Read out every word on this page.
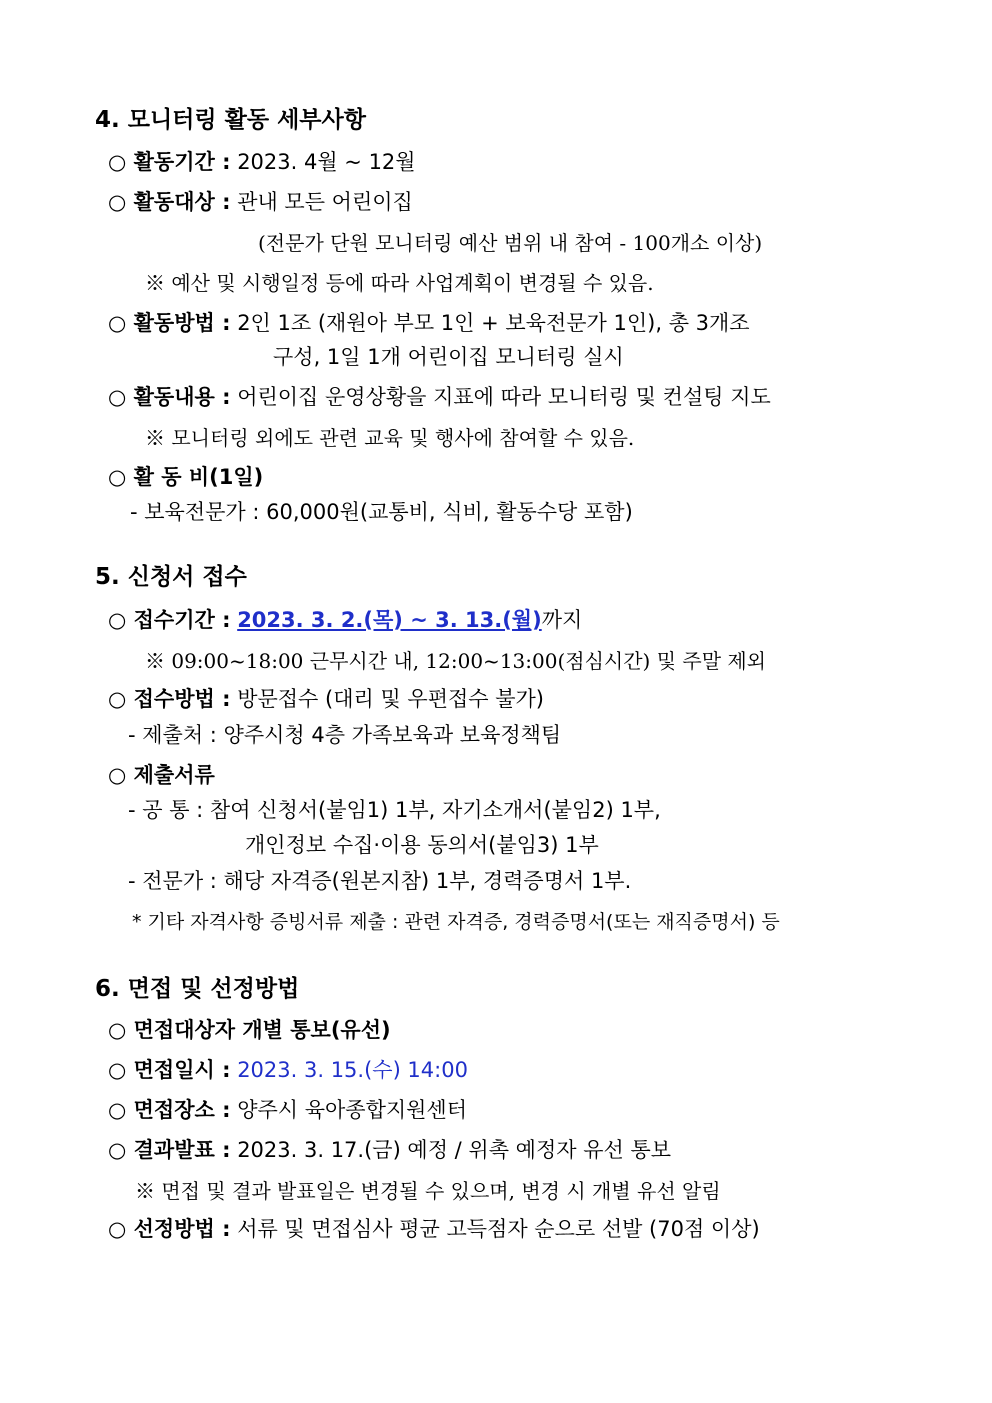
4. 모니터링 활동 세부사항
○ 활동기간 : 2023. 4월 ~ 12월
○ 활동대상 : 관내 모든 어린이집
(전문가 단원 모니터링 예산 범위 내 참여 - 100개소 이상)
※ 예산 및 시행일정 등에 따라 사업계획이 변경될 수 있음.
○ 활동방법 : 2인 1조 (재원아 부모 1인 + 보육전문가 1인), 총 3개조
구성, 1일 1개 어린이집 모니터링 실시
○ 활동내용 : 어린이집 운영상황을 지표에 따라 모니터링 및 컨설팅 지도
※ 모니터링 외에도 관련 교육 및 행사에 참여할 수 있음.
○ 활 동 비(1일)
- 보육전문가 : 60,000원(교통비, 식비, 활동수당 포함)
5. 신청서 접수
○ 접수기간 : 2023. 3. 2.(목) ~ 3. 13.(월)까지
※ 09:00~18:00 근무시간 내, 12:00~13:00(점심시간) 및 주말 제외
○ 접수방법 : 방문접수 (대리 및 우편접수 불가)
- 제출처 : 양주시청 4층 가족보육과 보육정책팀
○ 제출서류
- 공 통 : 참여 신청서(붙임1) 1부, 자기소개서(붙임2) 1부,
개인정보 수집·이용 동의서(붙임3) 1부
- 전문가 : 해당 자격증(원본지참) 1부, 경력증명서 1부.
* 기타 자격사항 증빙서류 제출 : 관련 자격증, 경력증명서(또는 재직증명서) 등
6. 면접 및 선정방법
○ 면접대상자 개별 통보(유선)
○ 면접일시 : 2023. 3. 15.(수) 14:00
○ 면접장소 : 양주시 육아종합지원센터
○ 결과발표 : 2023. 3. 17.(금) 예정 / 위촉 예정자 유선 통보
※ 면접 및 결과 발표일은 변경될 수 있으며, 변경 시 개별 유선 알림
○ 선정방법 : 서류 및 면접심사 평균 고득점자 순으로 선발 (70점 이상)
